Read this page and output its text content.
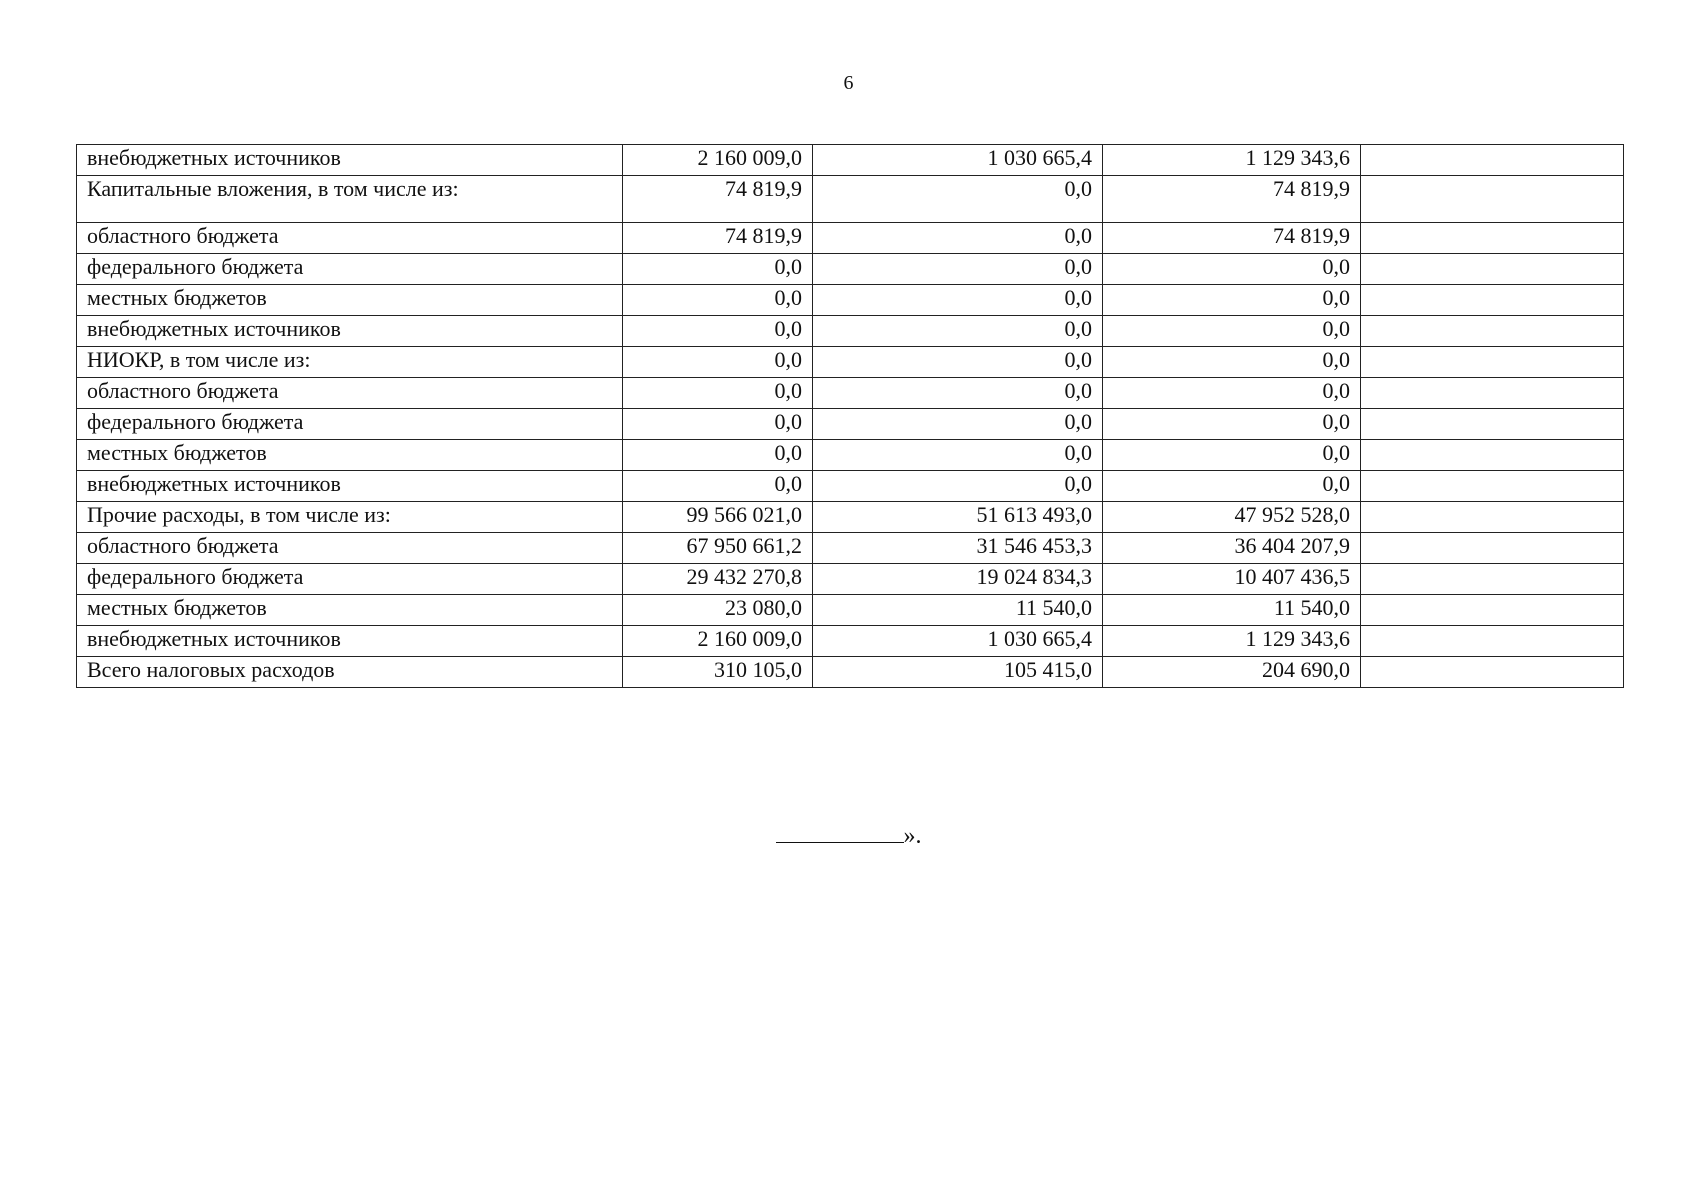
6
внебюджетных источников	2 160 009,0	1 030 665,4	1 129 343,6	
Капитальные вложения, в том числе из:	74 819,9	0,0	74 819,9	
областного бюджета	74 819,9	0,0	74 819,9	
федерального бюджета	0,0	0,0	0,0	
местных бюджетов	0,0	0,0	0,0	
внебюджетных источников	0,0	0,0	0,0	
НИОКР, в том числе из:	0,0	0,0	0,0	
областного бюджета	0,0	0,0	0,0	
федерального бюджета	0,0	0,0	0,0	
местных бюджетов	0,0	0,0	0,0	
внебюджетных источников	0,0	0,0	0,0	
Прочие расходы, в том числе из:	99 566 021,0	51 613 493,0	47 952 528,0	
областного бюджета	67 950 661,2	31 546 453,3	36 404 207,9	
федерального бюджета	29 432 270,8	19 024 834,3	10 407 436,5	
местных бюджетов	23 080,0	11 540,0	11 540,0	
внебюджетных источников	2 160 009,0	1 030 665,4	1 129 343,6	
Всего налоговых расходов	310 105,0	105 415,0	204 690,0	
».
